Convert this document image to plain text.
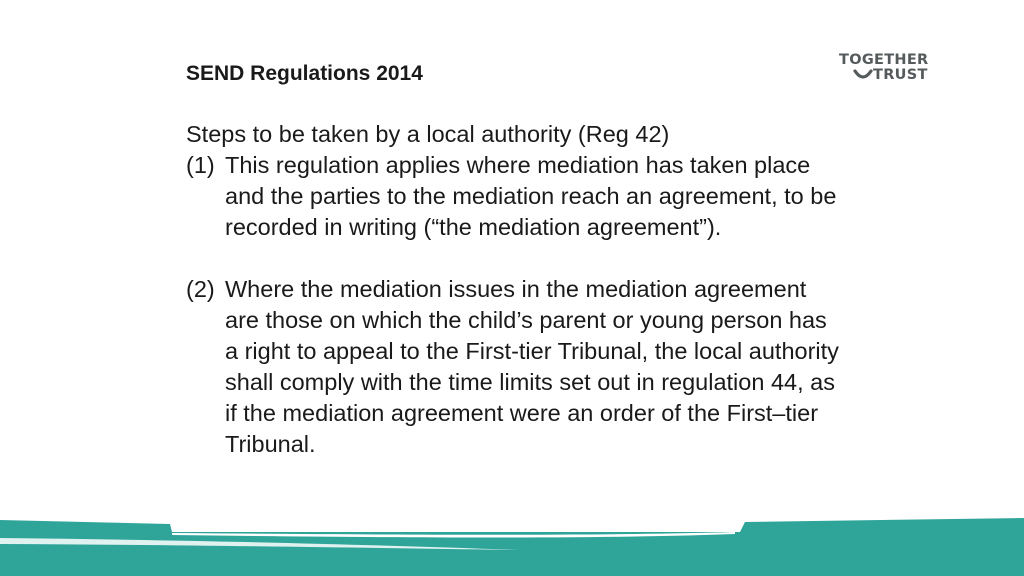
SEND Regulations 2014
TOGETHER
TRUST

Steps to be taken by a local authority (Reg 42)

(1) This regulation applies where mediation has taken place and the parties to the mediation reach an agreement, to be recorded in writing (“the mediation agreement”).
(2) Where the mediation issues in the mediation agreement are those on which the child’s parent or young person has a right to appeal to the First-tier Tribunal, the local authority shall comply with the time limits set out in regulation 44, as if the mediation agreement were an order of the First–tier Tribunal.
